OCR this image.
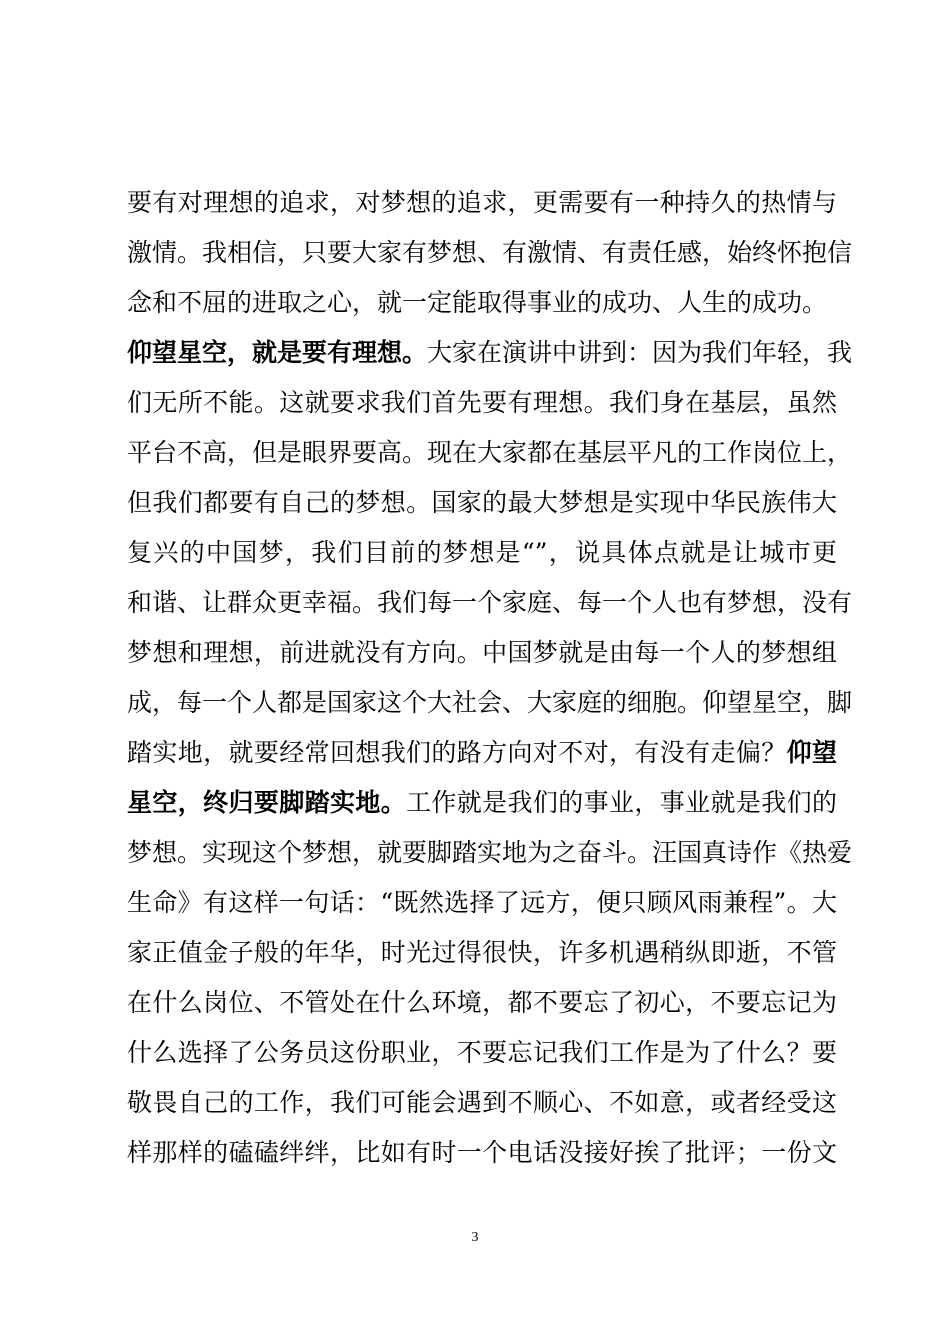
要有对理想的追求，对梦想的追求，更需要有一种持久的热情与
激情。我相信，只要大家有梦想、有激情、有责任感，始终怀抱信
念和不屈的进取之心，就一定能取得事业的成功、人生的成功。
仰望星空，就是要有理想。大家在演讲中讲到：因为我们年轻，我
们无所不能。这就要求我们首先要有理想。我们身在基层，虽然
平台不高，但是眼界要高。现在大家都在基层平凡的工作岗位上，
但我们都要有自己的梦想。国家的最大梦想是实现中华民族伟大
复兴的中国梦，我们目前的梦想是“”，说具体点就是让城市更
和谐、让群众更幸福。我们每一个家庭、每一个人也有梦想，没有
梦想和理想，前进就没有方向。中国梦就是由每一个人的梦想组
成，每一个人都是国家这个大社会、大家庭的细胞。仰望星空，脚
踏实地，就要经常回想我们的路方向对不对，有没有走偏？仰望
星空，终归要脚踏实地。工作就是我们的事业，事业就是我们的
梦想。实现这个梦想，就要脚踏实地为之奋斗。汪国真诗作《热爱
生命》有这样一句话：“既然选择了远方，便只顾风雨兼程”。大
家正值金子般的年华，时光过得很快，许多机遇稍纵即逝，不管
在什么岗位、不管处在什么环境，都不要忘了初心，不要忘记为
什么选择了公务员这份职业，不要忘记我们工作是为了什么？要
敬畏自己的工作，我们可能会遇到不顺心、不如意，或者经受这
样那样的磕磕绊绊，比如有时一个电话没接好挨了批评；一份文
3
